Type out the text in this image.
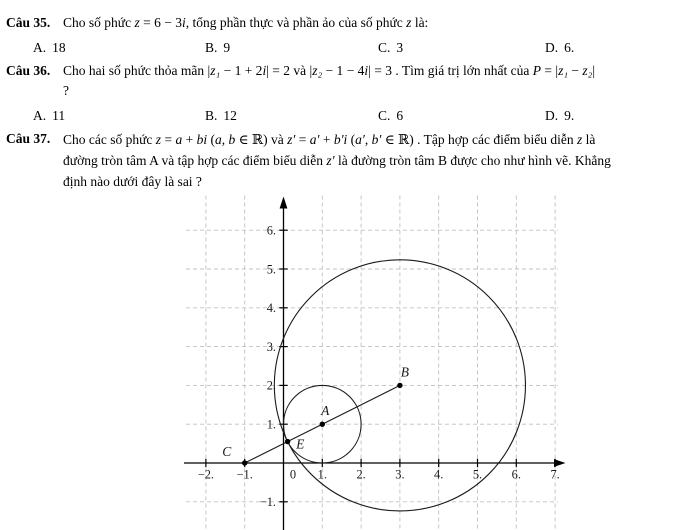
Câu 35. Cho số phức z = 6 − 3i, tổng phần thực và phần ảo của số phức z là:
A. 18	B. 9	C. 3	D. 6.
Câu 36. Cho hai số phức thỏa mãn |z₁ − 1 + 2i| = 2 và |z₂ − 1 − 4i| = 3 . Tìm giá trị lớn nhất của P = |z₁ − z₂|
?
A. 11	B. 12	C. 6	D. 9.
Câu 37. Cho các số phức z = a + bi (a, b ∈ ℝ) và z′ = a′ + b′i (a′, b′ ∈ ℝ) . Tập hợp các điểm biểu diễn z là
đường tròn tâm A và tập hợp các điểm biểu diễn z′ là đường tròn tâm B được cho như hình vẽ. Khẳng
định nào dưới đây là sai ?
−2. −1.	1. 2. 3. 4. 5. 6. 7.
−1.
1.
2.
3.
4.
5.
6.
0
C	E
A
B
